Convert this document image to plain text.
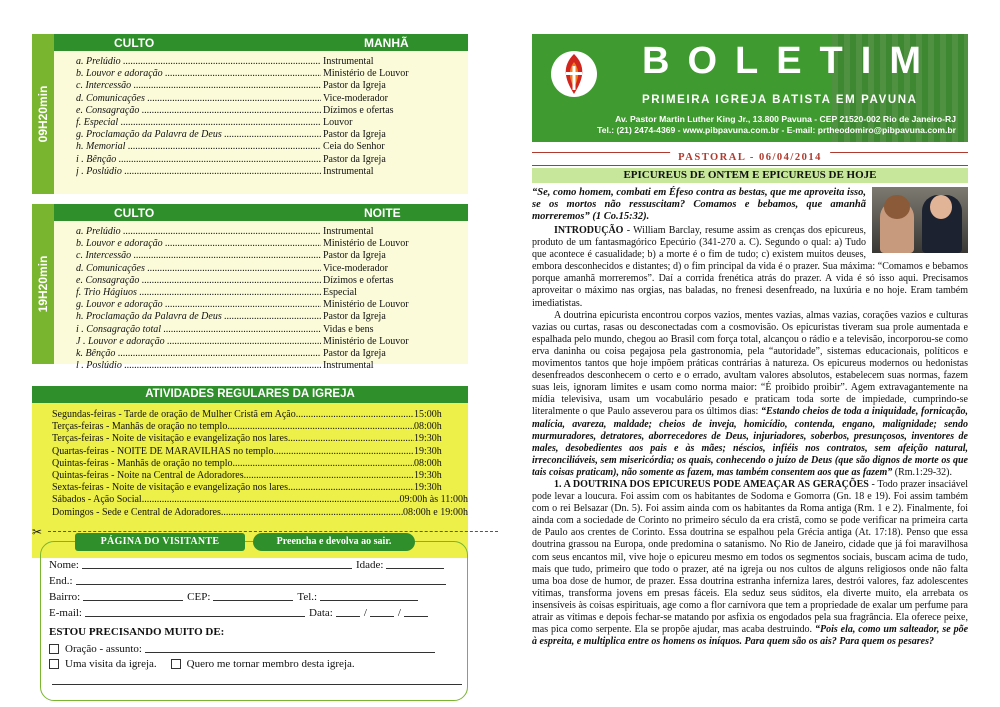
09H20min
CULTO	MANHÃ
a. Prelúdio .....	Instrumental
b. Louvor e adoração .....	Ministério de Louvor
c. Intercessão .....	Pastor da Igreja
d. Comunicações .....	Vice-moderador
e. Consagração .....	Dízimos e ofertas
f. Especial .....	Louvor
g. Proclamação da Palavra de Deus .....	Pastor da Igreja
h. Memorial .....	Ceia do Senhor
i . Bênção .....	Pastor da Igreja
j . Poslúdio .....	Instrumental
19H20min
CULTO	NOITE
a. Prelúdio .....	Instrumental
b. Louvor e adoração .....	Ministério de Louvor
c. Intercessão .....	Pastor da Igreja
d. Comunicações .....	Vice-moderador
e. Consagração .....	Dízimos e ofertas
f. Trio Hágiuos .....	Especial
g. Louvor e adoração .....	Ministério de Louvor
h. Proclamação da Palavra de Deus .....	Pastor da Igreja
i . Consagração total .....	Vidas e bens
J . Louvor e adoração .....	Ministério de Louvor
k. Bênção .....	Pastor da Igreja
l . Poslúdio .....	Instrumental
ATIVIDADES REGULARES DA IGREJA
Segundas-feiras - Tarde de oração de Mulher Cristã em Ação .....	15:00h
Terças-feiras - Manhãs de oração no templo .....	08:00h
Terças-feiras - Noite de visitação e evangelização nos lares .....	19:30h
Quartas-feiras - NOITE DE MARAVILHAS no templo .....	19:30h
Quintas-feiras - Manhãs de oração no templo .....	08:00h
Quintas-feiras - Noite na Central de Adoradores .....	19:30h
Sextas-feiras - Noite de visitação e evangelização nos lares .....	19:30h
Sábados - Ação Social .....	09:00h às 11:00h
Domingos - Sede e Central de Adoradores .....	08:00h e 19:00h
✂
PÁGINA DO VISITANTE	Preencha e devolva ao sair.
Nome:	Idade:
End.:
Bairro:	CEP:	Tel.:
E-mail:	Data:	/	/
ESTOU PRECISANDO MUITO DE:
Oração - assunto:
Uma visita da igreja.	Quero me tornar membro desta igreja.
BOLETIM
PRIMEIRA IGREJA BATISTA EM PAVUNA
Av. Pastor Martin Luther King Jr., 13.800 Pavuna - CEP 21520-002 Rio de Janeiro-RJ
Tel.: (21) 2474-4369 - www.pibpavuna.com.br - E-mail: prtheodomiro@pibpavuna.com.br
PASTORAL - 06/04/2014
EPICUREUS DE ONTEM E EPICUREUS DE HOJE

“Se, como homem, combati em Éfeso contra as bestas, que me aproveita isso, se os mortos não ressuscitam? Comamos e bebamos, que amanhã morreremos” (1 Co.15:32).

INTRODUÇÃO - William Barclay, resume assim as crenças dos epicureus, produto de um fantasmagórico Epecúrio (341-270 a. C). Segundo o qual: a) Tudo que acontece é casualidade; b) a morte é o fim de tudo; c) existem muitos deuses, embora desconhecidos e distantes; d) o fim principal da vida é o prazer. Sua máxima: “Comamos e bebamos porque amanhã morreremos”. Daí a corrida frenética atrás do prazer. A vida é só isso aqui. Precisamos aproveitar o máximo nas orgias, nas baladas, no frenesi desenfreado, na luxúria e no hoje. Eram também imediatistas.

A doutrina epicurista encontrou corpos vazios, mentes vazias, almas vazias, corações vazios e culturas vazias ou curtas, rasas ou desconectadas com a cosmovisão. Os epicuristas tiveram sua prole aumentada e espalhada pelo mundo, chegou ao Brasil com força total, alcançou o rádio e a televisão, incorporou-se como erva daninha ou coisa pegajosa pela gastronomia, pela “autoridade”, sistemas educacionais, políticos e movimentos tantos que hoje impõem práticas contrárias à natureza. Os epicureus modernos ou hedonistas desenfreados desconhecem o certo e o errado, avultam valores absolutos, estabelecem suas normas, fazem suas leis, ignoram limites e usam como norma maior: “É proibido proibir”. Agem extravagantemente na mídia televisiva, usam um vocabulário pesado e praticam toda sorte de impiedade, cumprindo-se literalmente o que Paulo asseverou para os últimos dias: “Estando cheios de toda a iniquidade, fornicação, malícia, avareza, maldade; cheios de inveja, homicídio, contenda, engano, malignidade; sendo murmuradores, detratores, aborrecedores de Deus, injuriadores, soberbos, presunçosos, inventores de males, desobedientes aos pais e às mães; néscios, infiéis nos contratos, sem afeição natural, irreconciliáveis, sem misericórdia; os quais, conhecendo o juízo de Deus (que são dignos de morte os que tais coisas praticam), não somente as fazem, mas também consentem aos que as fazem” (Rm.1:29-32).

1. A DOUTRINA DOS EPICUREUS PODE AMEAÇAR AS GERAÇÕES - Todo prazer insaciável pode levar a loucura. Foi assim com os habitantes de Sodoma e Gomorra (Gn. 18 e 19). Foi assim também com o rei Belsazar (Dn. 5). Foi assim ainda com os habitantes da Roma antiga (Rm. 1 e 2). Finalmente, foi ainda com a sociedade de Corinto no primeiro século da era cristã, como se pode verificar na primeira carta de Paulo aos crentes de Corinto. Essa doutrina se espalhou pela Grécia antiga (At. 17:18). Penso que essa doutrina grassou na Europa, onde predomina o satanismo. No Rio de Janeiro, cidade que já foi maravilhosa com seus encantos mil, vive hoje o epicureu mesmo em todos os segmentos sociais, buscam acima de tudo, mais que tudo, primeiro que todo o prazer, até na igreja ou nos cultos de alguns religiosos onde não falta uma boa dose de humor, de prazer. Essa doutrina estranha inferniza lares, destrói valores, faz adolescentes vítimas, transforma jovens em presas fáceis. Ela seduz seus súditos, ela diverte muito, ela arrebata os insensíveis às coisas espirituais, age como a flor carnívora que tem a propriedade de exalar um perfume para atrair as vítimas e depois fechar-se matando por asfixia os engodados pela sua fragrância. Ela oferece peixe, mas pica como serpente. Ela se propõe ajudar, mas acaba destruindo. “Pois ela, como um salteador, se põe à espreita, e multiplica entre os homens os iníquos. Para quem são os ais? Para quem os pesares?
